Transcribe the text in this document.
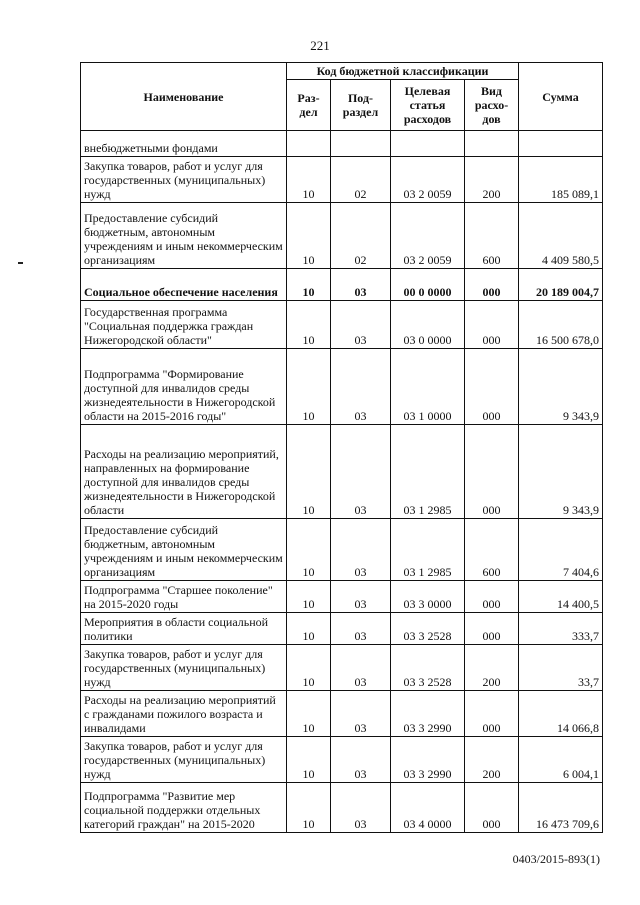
221
Наименование	Код бюджетной классификации				Сумма
	Раз-дел	Под-раздел	Целевая статья расходов	Вид расхо-дов	
внебюджетными фондами					
Закупка товаров, работ и услуг для государственных (муниципальных) нужд	10	02	03 2 0059	200	185 089,1
Предоставление субсидий бюджетным, автономным учреждениям и иным некоммерческим организациям	10	02	03 2 0059	600	4 409 580,5
Социальное обеспечение населения	10	03	00 0 0000	000	20 189 004,7
Государственная программа "Социальная поддержка граждан Нижегородской области"	10	03	03 0 0000	000	16 500 678,0
Подпрограмма "Формирование доступной для инвалидов среды жизнедеятельности в Нижегородской области на 2015-2016 годы"	10	03	03 1 0000	000	9 343,9
Расходы на реализацию мероприятий, направленных на формирование доступной для инвалидов среды жизнедеятельности в Нижегородской области	10	03	03 1 2985	000	9 343,9
Предоставление субсидий бюджетным, автономным учреждениям и иным некоммерческим организациям	10	03	03 1 2985	600	7 404,6
Подпрограмма "Старшее поколение" на 2015-2020 годы	10	03	03 3 0000	000	14 400,5
Мероприятия в области социальной политики	10	03	03 3 2528	000	333,7
Закупка товаров, работ и услуг для государственных (муниципальных) нужд	10	03	03 3 2528	200	33,7
Расходы на реализацию мероприятий с гражданами пожилого возраста и инвалидами	10	03	03 3 2990	000	14 066,8
Закупка товаров, работ и услуг для государственных (муниципальных) нужд	10	03	03 3 2990	200	6 004,1
Подпрограмма "Развитие мер социальной поддержки отдельных категорий граждан" на 2015-2020	10	03	03 4 0000	000	16 473 709,6
0403/2015-893(1)
